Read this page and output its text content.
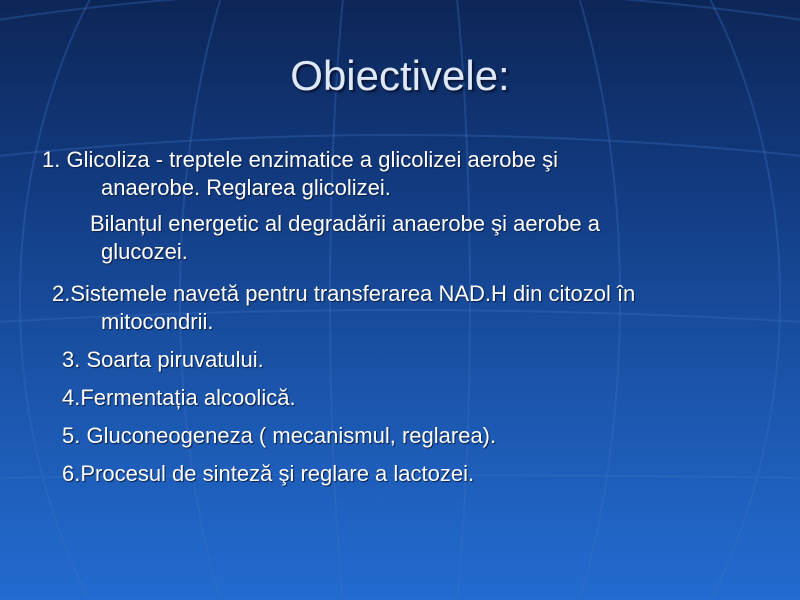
Obiectivele:
1. Glicoliza - treptele enzimatice a glicolizei aerobe şi
anaerobe. Reglarea glicolizei.
Bilanțul energetic al degradării anaerobe şi aerobe a
glucozei.
2.Sistemele navetă pentru transferarea NAD.H din citozol în
mitocondrii.
3. Soarta piruvatului.
4.Fermentația alcoolică.
5. Gluconeogeneza ( mecanismul, reglarea).
6.Procesul de sinteză şi reglare a lactozei.
